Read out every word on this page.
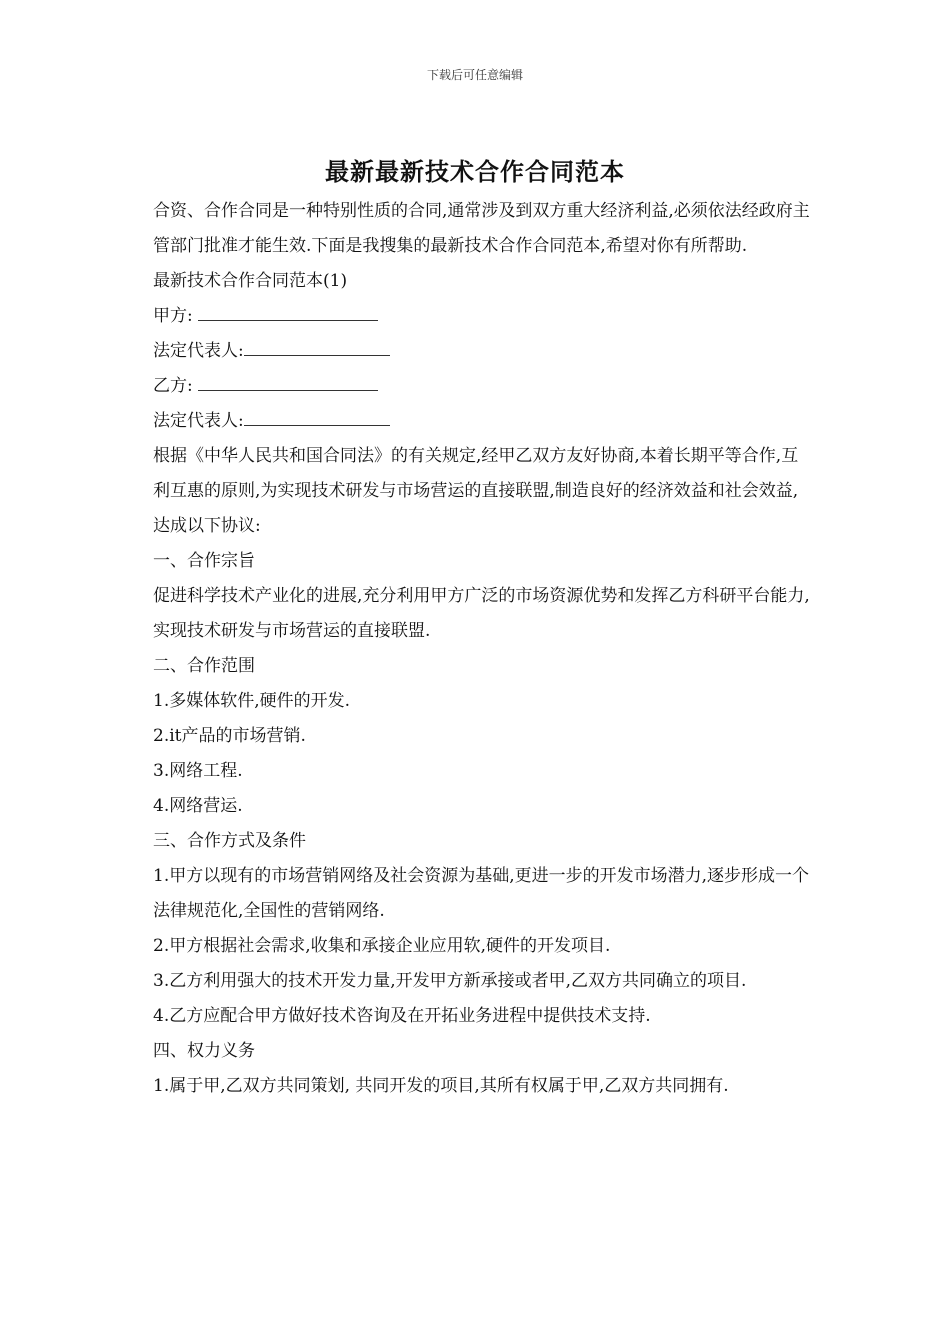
下载后可任意编辑
最新最新技术合作合同范本

合资、合作合同是一种特别性质的合同,通常涉及到双方重大经济利益,必须依法经政府主管部门批准才能生效.下面是我搜集的最新技术合作合同范本,希望对你有所帮助.

最新技术合作合同范本(1)

甲方:

法定代表人:

乙方:

法定代表人:

根据《中华人民共和国合同法》的有关规定,经甲乙双方友好协商,本着长期平等合作,互利互惠的原则,为实现技术研发与市场营运的直接联盟,制造良好的经济效益和社会效益,达成以下协议:

一、合作宗旨

促进科学技术产业化的进展,充分利用甲方广泛的市场资源优势和发挥乙方科研平台能力,实现技术研发与市场营运的直接联盟.

二、合作范围

1.多媒体软件,硬件的开发.

2.it产品的市场营销.

3.网络工程.

4.网络营运.

三、合作方式及条件

1.甲方以现有的市场营销网络及社会资源为基础,更进一步的开发市场潜力,逐步形成一个法律规范化,全国性的营销网络.

2.甲方根据社会需求,收集和承接企业应用软,硬件的开发项目.

3.乙方利用强大的技术开发力量,开发甲方新承接或者甲,乙双方共同确立的项目.

4.乙方应配合甲方做好技术咨询及在开拓业务进程中提供技术支持.

四、权力义务

1.属于甲,乙双方共同策划, 共同开发的项目,其所有权属于甲,乙双方共同拥有.
